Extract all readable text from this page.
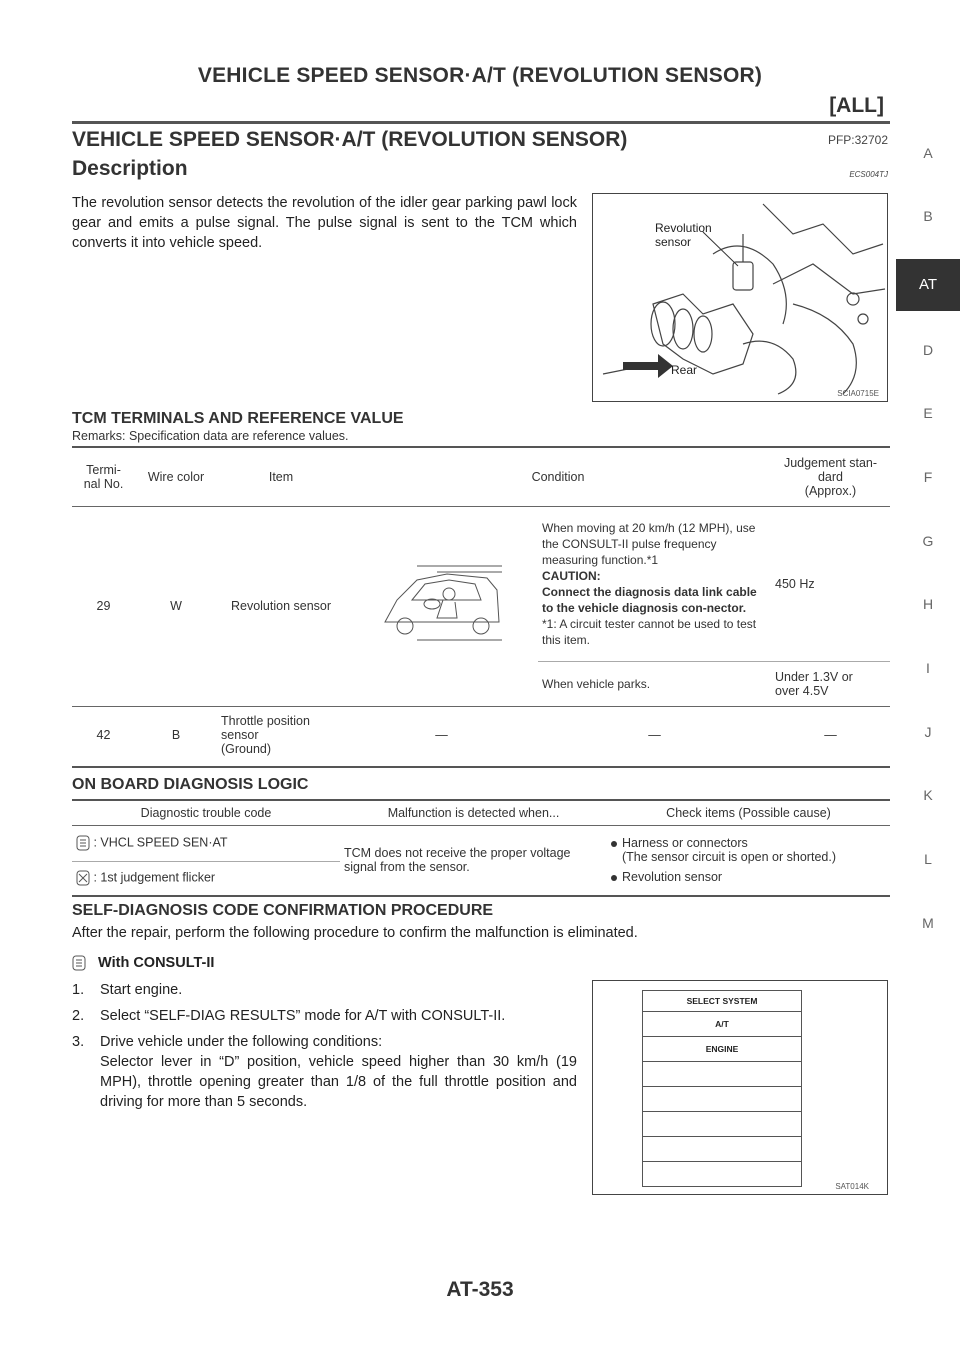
VEHICLE SPEED SENSOR·A/T (REVOLUTION SENSOR)
[ALL]
VEHICLE SPEED SENSOR·A/T (REVOLUTION SENSOR)	PFP:32702
Description	ECS004TJ
The revolution sensor detects the revolution of the idler gear parking pawl lock gear and emits a pulse signal. The pulse signal is sent to the TCM which converts it into vehicle speed.
Revolution
sensor
Rear
SCIA0715E
TCM TERMINALS AND REFERENCE VALUE
Remarks: Specification data are reference values.
Termi-
nal No.	Wire color	Item	Condition		Judgement stan-
dard
(Approx.)
29	W	Revolution sensor		When moving at 20 km/h (12 MPH), use the CONSULT-II pulse frequency measuring function.*1
CAUTION:
Connect the diagnosis data link cable to the vehicle diagnosis con-nector.
*1: A circuit tester cannot be used to test this item.	450 Hz
				When vehicle parks.	Under 1.3V or
over 4.5V
42	B	Throttle position
sensor
(Ground)	—	—	—
ON BOARD DIAGNOSIS LOGIC
Diagnostic trouble code	Malfunction is detected when...	Check items (Possible cause)
: VHCL SPEED SEN·AT	TCM does not receive the proper voltage signal from the sensor.	Harness or connectors
(The sensor circuit is open or shorted.)
Revolution sensor

: 1st judgement flicker		
SELF-DIAGNOSIS CODE CONFIRMATION PROCEDURE
After the repair, perform the following procedure to confirm the malfunction is eliminated.
With CONSULT-II
1.	Start engine.
2.	Select “SELF-DIAG RESULTS” mode for A/T with CONSULT-II.
3.	Drive vehicle under the following conditions:
Selector lever in “D” position, vehicle speed higher than 30 km/h (19 MPH), throttle opening greater than 1/8 of the full throttle position and driving for more than 5 seconds.
SAT014K
SELECT SYSTEM
A/T
ENGINE
A
B
AT
D
E
F
G
H
I
J
K
L
M
AT-353
